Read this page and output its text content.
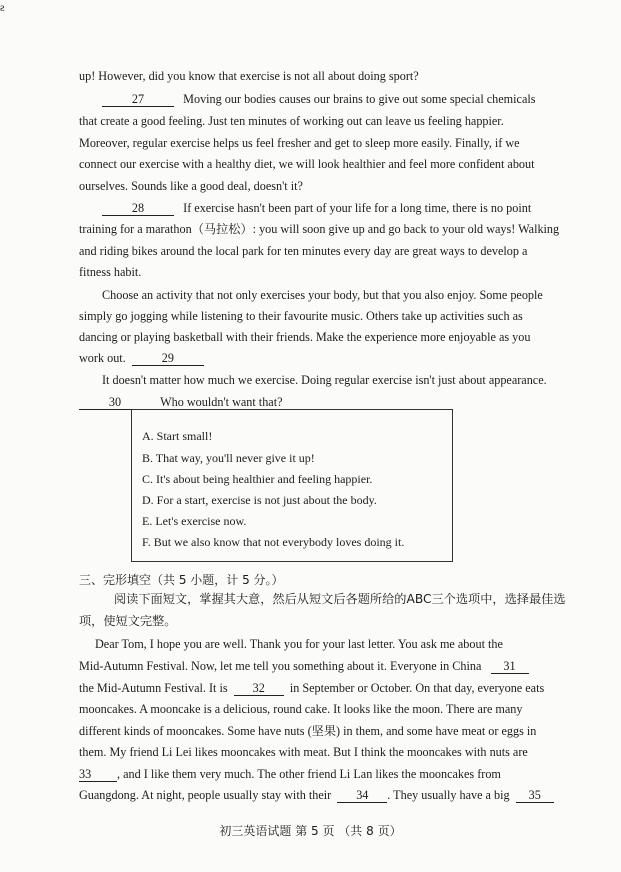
ƨ
up! However, did you know that exercise is not all about doing sport?
27	Moving our bodies causes our brains to give out some special chemicals
that create a good feeling. Just ten minutes of working out can leave us feeling happier.
Moreover, regular exercise helps us feel fresher and get to sleep more easily. Finally, if we
connect our exercise with a healthy diet, we will look healthier and feel more confident about
ourselves. Sounds like a good deal, doesn't it?
28	If exercise hasn't been part of your life for a long time, there is no point
training for a marathon（马拉松）: you will soon give up and go back to your old ways! Walking
and riding bikes around the local park for ten minutes every day are great ways to develop a
fitness habit.
Choose an activity that not only exercises your body, but that you also enjoy. Some people
simply go jogging while listening to their favourite music. Others take up activities such as
dancing or playing basketball with their friends. Make the experience more enjoyable as you
work out.	29
It doesn't matter how much we exercise. Doing regular exercise isn't just about appearance.
30	Who wouldn't want that?
A. Start small!
B. That way, you'll never give it up!
C. It's about being healthier and feeling happier.
D. For a start, exercise is not just about the body.
E. Let's exercise now.
F. But we also know that not everybody loves doing it.
三、完形填空（共 5 小题，计 5 分。）
阅读下面短文，掌握其大意，然后从短文后各题所给的ABC三个选项中，选择最佳选
项，使短文完整。
Dear Tom, I hope you are well. Thank you for your last letter. You ask me about the
Mid-Autumn Festival. Now, let me tell you something about it. Everyone in China 31
the Mid-Autumn Festival. It is 32 in September or October. On that day, everyone eats
mooncakes. A mooncake is a delicious, round cake. It looks like the moon. There are many
different kinds of mooncakes. Some have nuts (坚果) in them, and some have meat or eggs in
them. My friend Li Lei likes mooncakes with meat. But I think the mooncakes with nuts are
33 , and I like them very much. The other friend Li Lan likes the mooncakes from
Guangdong. At night, people usually stay with their 34 . They usually have a big 35
初三英语试题 第 5 页 （共 8 页）
